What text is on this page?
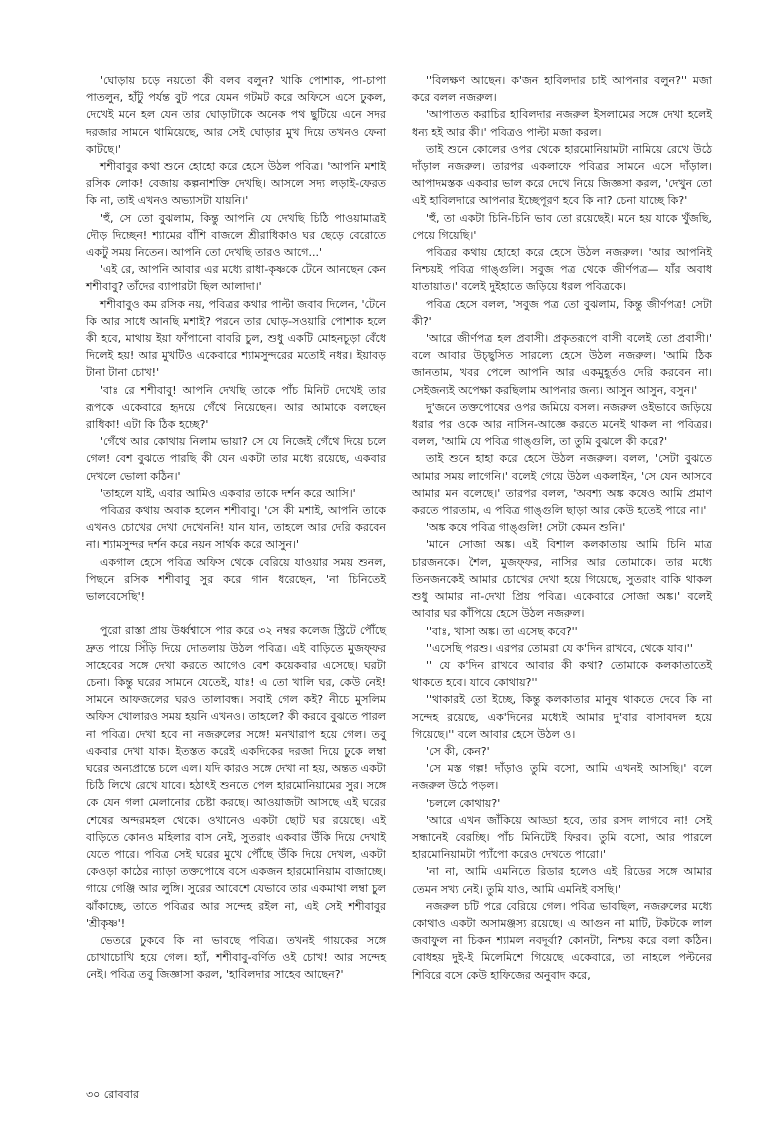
'ঘোড়ায় চড়ে নয়তো কী বলব বলুন? খাকি পোশাক, পা-চাপা পাতলুন, হাঁটু পর্যন্ত বুট পরে যেমন গটমট করে অফিসে এসে ঢুকল, দেখেই মনে হল যেন তার ঘোড়াটাকে অনেক পথ ছুটিয়ে এনে সদর দরজার সামনে থামিয়েছে, আর সেই ঘোড়ার মুখ দিয়ে তখনও ফেনা কাটছে।'

শশীবাবুর কথা শুনে হোহো করে হেসে উঠল পবিত্র। 'আপনি মশাই রসিক লোক! বেজায় কল্পনাশক্তি দেখছি। আসলে সদ্য লড়াই-ফেরত কি না, তাই এখনও অভ্যাসটা যায়নি।'

'হুঁ, সে তো বুঝলাম, কিন্তু আপনি যে দেখছি চিঠি পাওয়ামাত্রই দৌড় দিচ্ছেন! শ্যামের বাঁশি বাজলে শ্রীরাধিকাও ঘর ছেড়ে বেরোতে একটু সময় নিতেন। আপনি তো দেখছি তারও আগে...'

'এই রে, আপনি আবার এর মধ্যে রাধা-কৃষ্ণকে টেনে আনছেন কেন শশীবাবু? তাঁদের ব্যাপারটা ছিল আলাদা।'

শশীবাবুও কম রসিক নয়, পবিত্রর কথার পাল্টা জবাব দিলেন, 'টেনে কি আর সাধে আনছি মশাই? পরনে তার ঘোড়-সওয়ারি পোশাক হলে কী হবে, মাথায় ইয়া ফাঁপানো বাবরি চুল, শুধু একটি মোহনচূড়া বেঁধে দিলেই হয়! আর মুখটিও একেবারে শ্যামসুন্দরের মতোই নধর। ইয়াবড় টানা টানা চোখ!'

'বাঃ রে শশীবাবু! আপনি দেখছি তাকে পাঁচ মিনিট দেখেই তার রূপকে একেবারে হৃদয়ে গেঁথে নিয়েছেন। আর আমাকে বলছেন রাধিকা! এটা কি ঠিক হচ্ছে?'

'গেঁথে আর কোথায় নিলাম ভায়া? সে যে নিজেই গেঁথে দিয়ে চলে গেল! বেশ বুঝতে পারছি কী যেন একটা তার মধ্যে রয়েছে, একবার দেখলে ভোলা কঠিন।'

'তাহলে যাই, এবার আমিও একবার তাকে দর্শন করে আসি।'

পবিত্রর কথায় অবাক হলেন শশীবাবু। 'সে কী মশাই, আপনি তাকে এখনও চোখের দেখা দেখেননি! যান যান, তাহলে আর দেরি করবেন না। শ্যামসুন্দর দর্শন করে নয়ন সার্থক করে আসুন।'

একগাল হেসে পবিত্র অফিস থেকে বেরিয়ে যাওয়ার সময় শুনল, পিছনে রসিক শশীবাবু সুর করে গান ধরেছেন, 'না চিনিতেই ভালবেসেছি'!

পুরো রাস্তা প্রায় উর্ধ্বশ্বাসে পার করে ৩২ নম্বর কলেজ স্ট্রিটে পৌঁছে দ্রুত পায়ে সিঁড়ি দিয়ে দোতলায় উঠল পবিত্র। এই বাড়িতে মুজফ্ফর সাহেবের সঙ্গে দেখা করতে আগেও বেশ কয়েকবার এসেছে। ঘরটা চেনা। কিন্তু ঘরের সামনে যেতেই, যাঃ! এ তো খালি ঘর, কেউ নেই! সামনে আফজলের ঘরও তালাবন্ধ। সবাই গেল কই? নীচে মুসলিম অফিস খোলারও সময় হয়নি এখনও। তাহলে? কী করবে বুঝতে পারল না পবিত্র। দেখা হবে না নজরুলের সঙ্গে! মনখারাপ হয়ে গেল। তবু একবার দেখা যাক। ইতস্তত করেই একদিকের দরজা দিয়ে ঢুকে লম্বা ঘরের অন্যপ্রান্তে চলে এল। যদি কারও সঙ্গে দেখা না হয়, অন্তত একটা চিঠি লিখে রেখে যাবে। হঠাৎই শুনতে পেল হারমোনিয়ামের সুর। সঙ্গে কে যেন গলা মেলানোর চেষ্টা করছে। আওয়াজটা আসছে এই ঘরের শেষের অন্দরমহল থেকে। ওখানেও একটা ছোট ঘর রয়েছে। এই বাড়িতে কোনও মহিলার বাস নেই, সুতরাং একবার উঁকি দিয়ে দেখাই যেতে পারে। পবিত্র সেই ঘরের মুখে পৌঁছে উঁকি দিয়ে দেখল, একটা কেওড়া কাঠের ন্যাড়া তক্তপোষে বসে একজন হারমোনিয়াম বাজাচ্ছে। গায়ে গেঞ্জি আর লুঙ্গি। সুরের আবেশে যেভাবে তার একমাথা লম্বা চুল ঝাঁকাচ্ছে, তাতে পবিত্রর আর সন্দেহ রইল না, এই সেই শশীবাবুর 'শ্রীকৃষ্ণ'!

ভেতরে ঢুকবে কি না ভাবছে পবিত্র। তখনই গায়কের সঙ্গে চোখাচোখি হয়ে গেল। হ্যাঁ, শশীবাবু-বর্ণিত ওই চোখ! আর সন্দেহ নেই। পবিত্র তবু জিজ্ঞাসা করল, 'হাবিলদার সাহেব আছেন?'

''বিলক্ষণ আছেন। ক'জন হাবিলদার চাই আপনার বলুন?'' মজা করে বলল নজরুল।

'আপাতত করাচির হাবিলদার নজরুল ইসলামের সঙ্গে দেখা হলেই ধন্য হই আর কী।' পবিত্রও পাল্টা মজা করল।

তাই শুনে কোলের ওপর থেকে হারমোনিয়ামটা নামিয়ে রেখে উঠে দাঁড়াল নজরুল। তারপর একলাফে পবিত্রর সামনে এসে দাঁড়াল। আপাদমস্তক একবার ভাল করে দেখে নিয়ে জিজ্ঞসা করল, 'দেখুন তো এই হাবিলদারে আপনার ইচ্ছেপূরণ হবে কি না? চেনা যাচ্ছে কি?'

'হুঁ, তা একটা চিনি-চিনি ভাব তো রয়েছেই। মনে হয় যাকে খুঁজছি, পেয়ে গিয়েছি।'

পবিত্রর কথায় হোহো করে হেসে উঠল নজরুল। 'আর আপনিই নিশ্চয়ই পবিত্র গাঙ্গুলি। সবুজ পত্র থেকে জীর্ণপত্র— যাঁর অবাধ যাতায়াত।' বলেই দুইহাতে জড়িয়ে ধরল পবিত্রকে।

পবিত্র হেসে বলল, 'সবুজ পত্র তো বুঝলাম, কিন্তু জীর্ণপত্র! সেটা কী?'

'আরে জীর্ণপত্র হল প্রবাসী। প্রকৃতরূপে বাসী বলেই তো প্রবাসী।' বলে আবার উচ্ছ্বসিত সারল্যে হেসে উঠল নজরুল। 'আমি ঠিক জানতাম, খবর পেলে আপনি আর একমুহূর্তও দেরি করবেন না। সেইজন্যই অপেক্ষা করছিলাম আপনার জন্য। আসুন আসুন, বসুন।'

দু'জনে তক্তপোষের ওপর জমিয়ে বসল। নজরুল ওইভাবে জড়িয়ে ধরার পর ওকে আর নাসিন-আজ্ঞে করতে মনেই থাকল না পবিত্রর। বলল, 'আমি যে পবিত্র গাঙ্গুলি, তা তুমি বুঝলে কী করে?'

তাই শুনে হাহা করে হেসে উঠল নজরুল। বলল, 'সেটা বুঝতে আমার সময় লাগেনি।' বলেই গেয়ে উঠল একলাইন, 'সে যেন আসবে আমার মন বলেছে।' তারপর বলল, 'অবশ্য অঙ্ক কষেও আমি প্রমাণ করতে পারতাম, এ পবিত্র গাঙ্গুলি ছাড়া আর কেউ হতেই পারে না।'

'অঙ্ক কষে পবিত্র গাঙ্গুলি! সেটা কেমন শুনি।'

'মানে সোজা অঙ্ক। এই বিশাল কলকাতায় আমি চিনি মাত্র চারজনকে। শৈল, মুজফ্ফর, নাসির আর তোমাকে। তার মধ্যে তিনজনকেই আমার চোখের দেখা হয়ে গিয়েছে, সুতরাং বাকি থাকল শুধু আমার না-দেখা প্রিয় পবিত্র। একেবারে সোজা অঙ্ক।' বলেই আবার ঘর কাঁপিয়ে হেসে উঠল নজরুল।

''বাঃ, খাসা অঙ্ক। তা এসেছ কবে?''

''এসেছি পরশু। এরপর তোমরা যে ক'দিন রাখবে, থেকে যাব।''

'' যে ক'দিন রাখবে আবার কী কথা? তোমাকে কলকাতাতেই থাকতে হবে। যাবে কোথায়?''

''থাকারই তো ইচ্ছে, কিন্তু কলকাতার মানুষ থাকতে দেবে কি না সন্দেহ রয়েছে, এক'দিনের মধ্যেই আমার দু'বার বাসাবদল হয়ে গিয়েছে।'' বলে আবার হেসে উঠল ও।

'সে কী, কেন?'

'সে মস্ত গল্প! দাঁড়াও তুমি বসো, আমি এখনই আসছি।' বলে নজরুল উঠে পড়ল।

'চললে কোথায়?'

'আরে এখন জাঁকিয়ে আড্ডা হবে, তার রসদ লাগবে না! সেই সন্ধানেই বেরচ্ছি। পাঁচ মিনিটেই ফিরব। তুমি বসো, আর পারলে হারমোনিয়ামটা প্যাঁপো করেও দেখতে পারো।'

'না না, আমি এমনিতে রিডার হলেও এই রিডের সঙ্গে আমার তেমন সখ্য নেই। তুমি যাও, আমি এমনিই বসছি।'

নজরুল চটি পরে বেরিয়ে গেল। পবিত্র ভাবছিল, নজরুলের মধ্যে কোথাও একটা অসামঞ্জস্য রয়েছে। এ আগুন না মাটি, টকটকে লাল জবাফুল না চিকন শ্যামল নবদূর্বা? কোনটা, নিশ্চয় করে বলা কঠিন। বোধহয় দুই-ই মিলেমিশে গিয়েছে একেবারে, তা নাহলে পল্টনের শিবিরে বসে কেউ হাফিজের অনুবাদ করে,

৩০ রোববার
